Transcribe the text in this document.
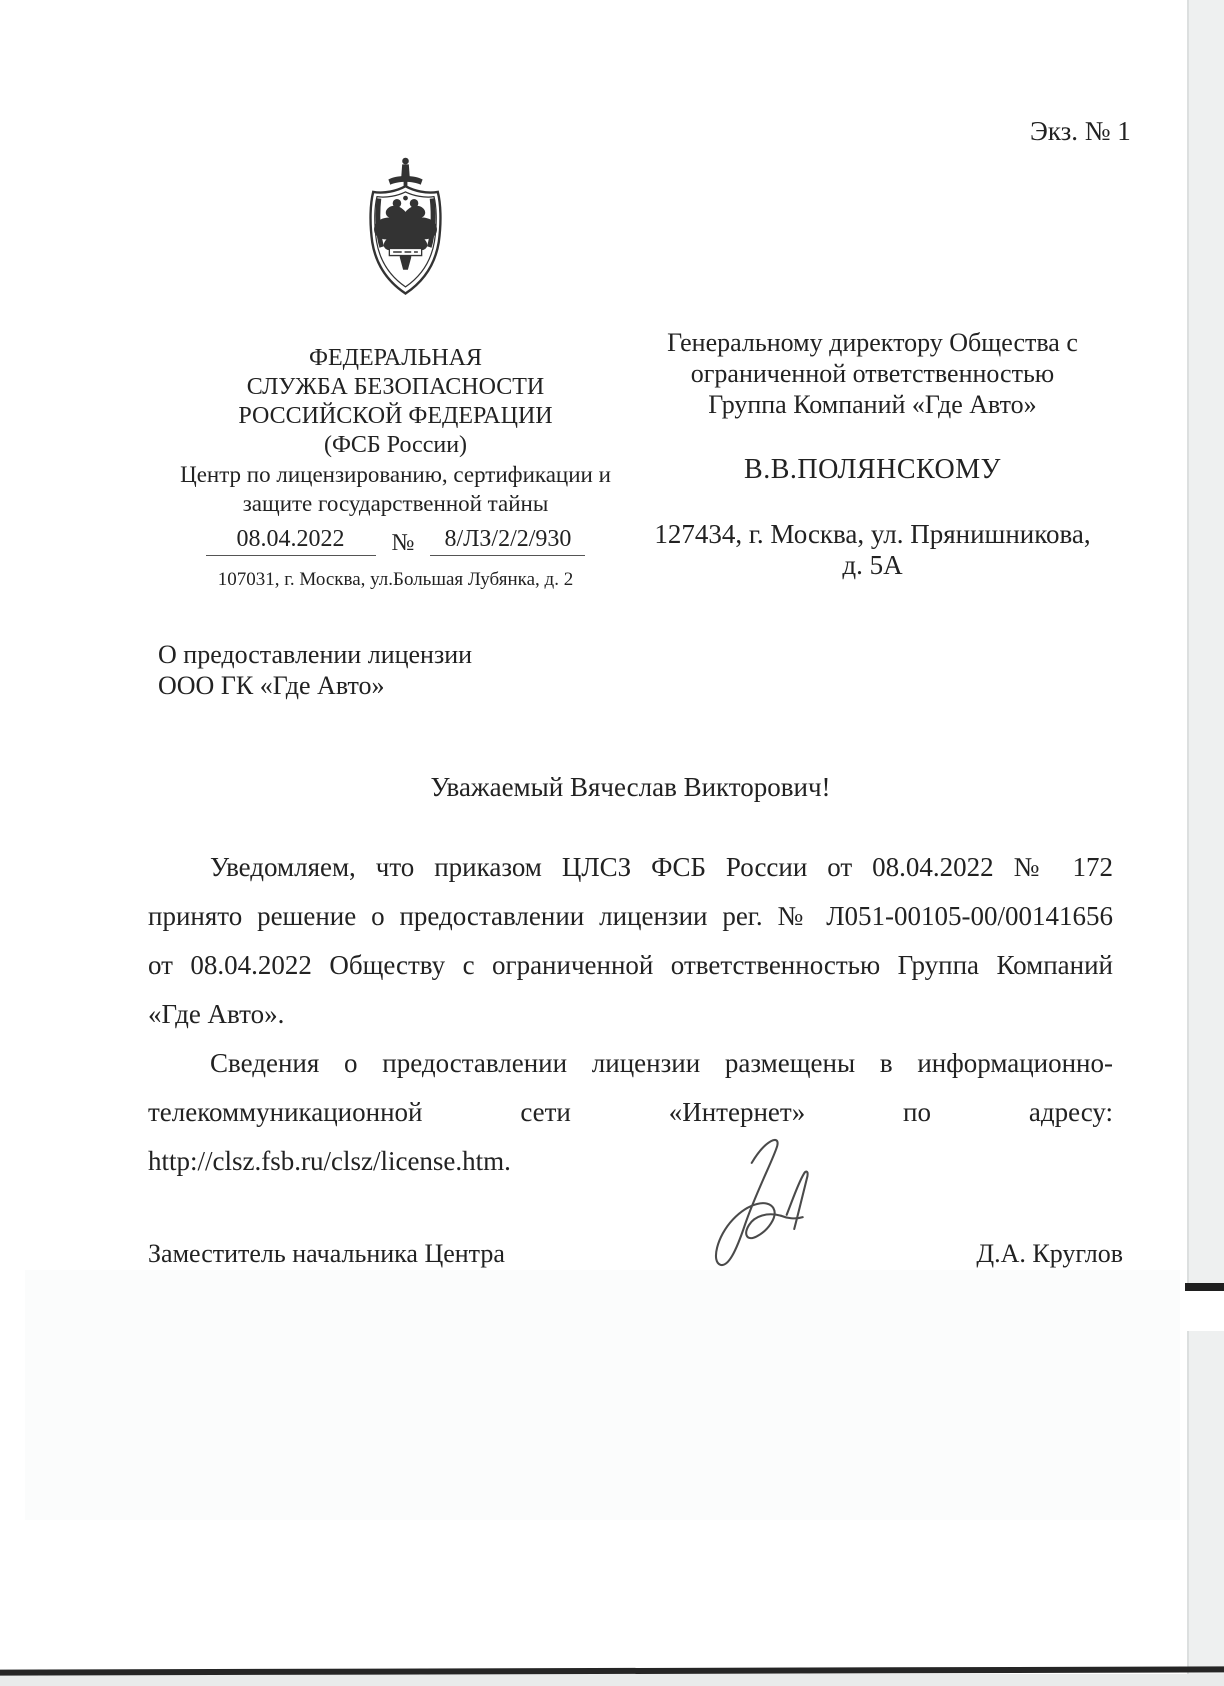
Экз. № 1
ФЕДЕРАЛЬНАЯ
СЛУЖБА БЕЗОПАСНОСТИ
РОССИЙСКОЙ ФЕДЕРАЦИИ
(ФСБ России)
Центр по лицензированию, сертификации и
защите государственной тайны
08.04.2022	№	8/ЛЗ/2/2/930
107031, г. Москва, ул.Большая Лубянка, д. 2
Генеральному директору Общества с
ограниченной ответственностью
Группа Компаний «Где Авто»
В.В.ПОЛЯНСКОМУ
127434, г. Москва, ул. Прянишникова,
д. 5А
О предоставлении лицензии
ООО ГК «Где Авто»
Уважаемый Вячеслав Викторович!
Уведомляем, что приказом ЦЛСЗ ФСБ России от 08.04.2022 № 172
принято решение о предоставлении лицензии рег. № Л051-00105-00/00141656
от 08.04.2022 Обществу с ограниченной ответственностью Группа Компаний
«Где Авто».
Сведения о предоставлении лицензии размещены в информационно-
телекоммуникационной сети «Интернет» по адресу:
http://clsz.fsb.ru/clsz/license.htm.
Заместитель начальника Центра	Д.А. Круглов
